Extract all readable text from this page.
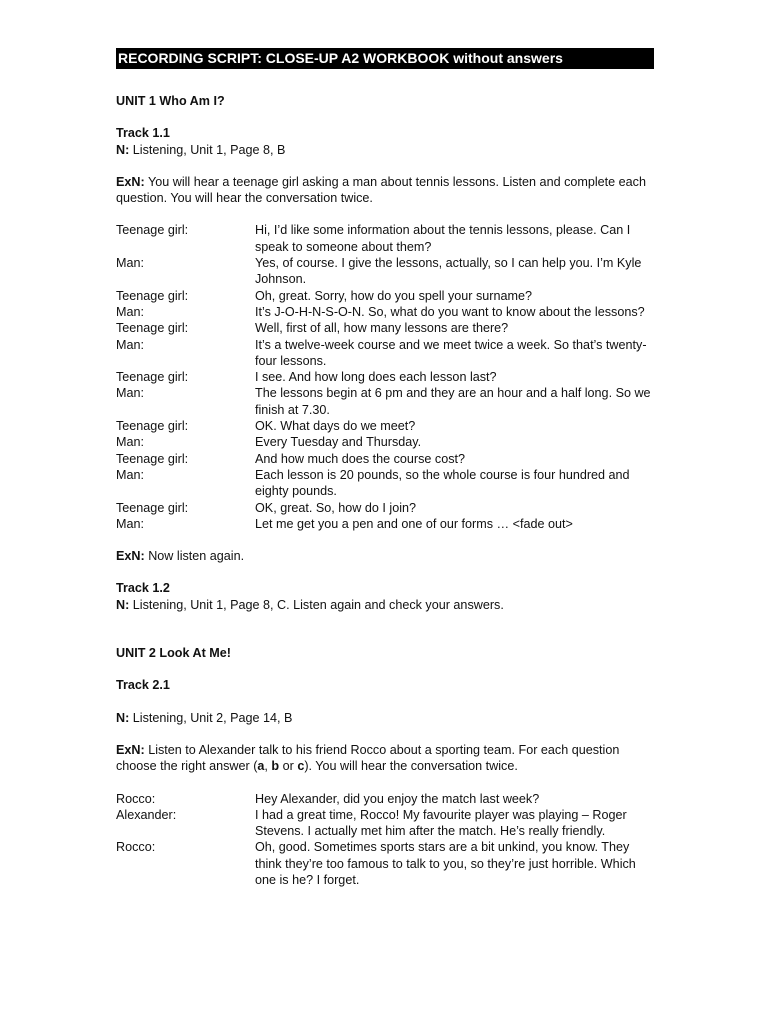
RECORDING SCRIPT: CLOSE-UP A2 WORKBOOK without answers
UNIT 1 Who Am I?
Track 1.1
N: Listening, Unit 1, Page 8, B
ExN: You will hear a teenage girl asking a man about tennis lessons. Listen and complete each question. You will hear the conversation twice.
Teenage girl:	Hi, I’d like some information about the tennis lessons, please. Can I speak to someone about them?
Man:	Yes, of course. I give the lessons, actually, so I can help you. I’m Kyle Johnson.
Teenage girl:	Oh, great. Sorry, how do you spell your surname?
Man:	It’s J-O-H-N-S-O-N. So, what do you want to know about the lessons?
Teenage girl:	Well, first of all, how many lessons are there?
Man:	It’s a twelve-week course and we meet twice a week. So that’s twenty-four lessons.
Teenage girl:	I see. And how long does each lesson last?
Man:	The lessons begin at 6 pm and they are an hour and a half long. So we finish at 7.30.
Teenage girl:	OK. What days do we meet?
Man:	Every Tuesday and Thursday.
Teenage girl:	And how much does the course cost?
Man:	Each lesson is 20 pounds, so the whole course is four hundred and eighty pounds.
Teenage girl:	OK, great. So, how do I join?
Man:	Let me get you a pen and one of our forms … <fade out>
ExN: Now listen again.
Track 1.2
N: Listening, Unit 1, Page 8, C. Listen again and check your answers.
UNIT 2 Look At Me!
Track 2.1
N: Listening, Unit 2, Page 14, B
ExN: Listen to Alexander talk to his friend Rocco about a sporting team. For each question choose the right answer (a, b or c). You will hear the conversation twice.
Rocco:	Hey Alexander, did you enjoy the match last week?
Alexander:	I had a great time, Rocco! My favourite player was playing – Roger Stevens. I actually met him after the match. He’s really friendly.
Rocco:	Oh, good. Sometimes sports stars are a bit unkind, you know. They think they’re too famous to talk to you, so they’re just horrible. Which one is he? I forget.
